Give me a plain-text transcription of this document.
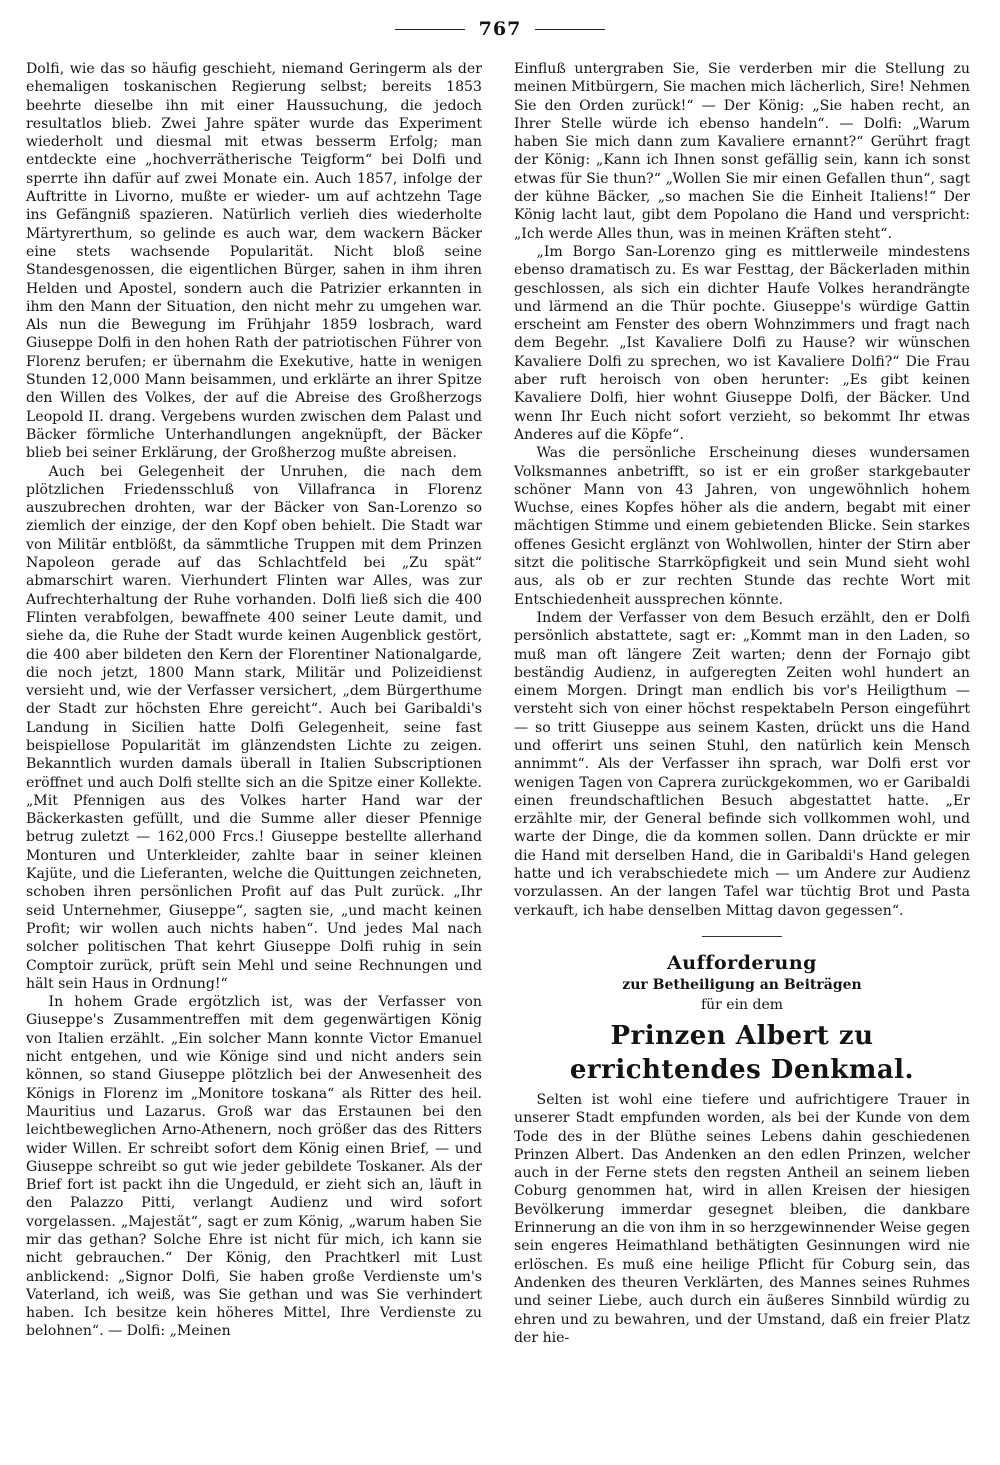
767

Dolfi, wie das so häufig geschieht, niemand Geringerm als der ehemaligen toskanischen Regierung selbst; bereits 1853 beehrte dieselbe ihn mit einer Haussuchung, die jedoch resultatlos blieb. Zwei Jahre später wurde das Experiment wiederholt und diesmal mit etwas besserm Erfolg; man entdeckte eine „hochverrätherische Teigform“ bei Dolfi und sperrte ihn dafür auf zwei Monate ein. Auch 1857, infolge der Auftritte in Livorno, mußte er wieder- um auf achtzehn Tage ins Gefängniß spazieren. Natürlich verlieh dies wiederholte Märtyrerthum, so gelinde es auch war, dem wackern Bäcker eine stets wachsende Popularität. Nicht bloß seine Standesgenossen, die eigentlichen Bürger, sahen in ihm ihren Helden und Apostel, sondern auch die Patrizier erkannten in ihm den Mann der Situation, den nicht mehr zu umgehen war. Als nun die Bewegung im Frühjahr 1859 losbrach, ward Giuseppe Dolfi in den hohen Rath der patriotischen Führer von Florenz berufen; er übernahm die Exekutive, hatte in wenigen Stunden 12,000 Mann beisammen, und erklärte an ihrer Spitze den Willen des Volkes, der auf die Abreise des Großherzogs Leopold II. drang. Vergebens wurden zwischen dem Palast und Bäcker förmliche Unterhandlungen angeknüpft, der Bäcker blieb bei seiner Erklärung, der Großherzog mußte abreisen.

Auch bei Gelegenheit der Unruhen, die nach dem plötzlichen Friedensschluß von Villafranca in Florenz auszubrechen drohten, war der Bäcker von San-Lorenzo so ziemlich der einzige, der den Kopf oben behielt. Die Stadt war von Militär entblößt, da sämmtliche Truppen mit dem Prinzen Napoleon gerade auf das Schlachtfeld bei „Zu spät“ abmarschirt waren. Vierhundert Flinten war Alles, was zur Aufrechterhaltung der Ruhe vorhanden. Dolfi ließ sich die 400 Flinten verabfolgen, bewaffnete 400 seiner Leute damit, und siehe da, die Ruhe der Stadt wurde keinen Augenblick gestört, die 400 aber bildeten den Kern der Florentiner Nationalgarde, die noch jetzt, 1800 Mann stark, Militär und Polizeidienst versieht und, wie der Verfasser versichert, „dem Bürgerthume der Stadt zur höchsten Ehre gereicht“. Auch bei Garibaldi's Landung in Sicilien hatte Dolfi Gelegenheit, seine fast beispiellose Popularität im glänzendsten Lichte zu zeigen. Bekanntlich wurden damals überall in Italien Subscriptionen eröffnet und auch Dolfi stellte sich an die Spitze einer Kollekte. „Mit Pfennigen aus des Volkes harter Hand war der Bäckerkasten gefüllt, und die Summe aller dieser Pfennige betrug zuletzt — 162,000 Frcs.! Giuseppe bestellte allerhand Monturen und Unterkleider, zahlte baar in seiner kleinen Kajüte, und die Lieferanten, welche die Quittungen zeichneten, schoben ihren persönlichen Profit auf das Pult zurück. „Ihr seid Unternehmer, Giuseppe“, sagten sie, „und macht keinen Profit; wir wollen auch nichts haben“. Und jedes Mal nach solcher politischen That kehrt Giuseppe Dolfi ruhig in sein Comptoir zurück, prüft sein Mehl und seine Rechnungen und hält sein Haus in Ordnung!“

In hohem Grade ergötzlich ist, was der Verfasser von Giuseppe's Zusammentreffen mit dem gegenwärtigen König von Italien erzählt. „Ein solcher Mann konnte Victor Emanuel nicht entgehen, und wie Könige sind und nicht anders sein können, so stand Giuseppe plötzlich bei der Anwesenheit des Königs in Florenz im „Monitore toskana“ als Ritter des heil. Mauritius und Lazarus. Groß war das Erstaunen bei den leichtbeweglichen Arno-Athenern, noch größer das des Ritters wider Willen. Er schreibt sofort dem König einen Brief, — und Giuseppe schreibt so gut wie jeder gebildete Toskaner. Als der Brief fort ist packt ihn die Ungeduld, er zieht sich an, läuft in den Palazzo Pitti, verlangt Audienz und wird sofort vorgelassen. „Majestät“, sagt er zum König, „warum haben Sie mir das gethan? Solche Ehre ist nicht für mich, ich kann sie nicht gebrauchen.“ Der König, den Prachtkerl mit Lust anblickend: „Signor Dolfi, Sie haben große Verdienste um's Vaterland, ich weiß, was Sie gethan und was Sie verhindert haben. Ich besitze kein höheres Mittel, Ihre Verdienste zu belohnen“. — Dolfi: „Meinen

Einfluß untergraben Sie, Sie verderben mir die Stellung zu meinen Mitbürgern, Sie machen mich lächerlich, Sire! Nehmen Sie den Orden zurück!“ — Der König: „Sie haben recht, an Ihrer Stelle würde ich ebenso handeln“. — Dolfi: „Warum haben Sie mich dann zum Kavaliere ernannt?“ Gerührt fragt der König: „Kann ich Ihnen sonst gefällig sein, kann ich sonst etwas für Sie thun?“ „Wollen Sie mir einen Gefallen thun“, sagt der kühne Bäcker, „so machen Sie die Einheit Italiens!“ Der König lacht laut, gibt dem Popolano die Hand und verspricht: „Ich werde Alles thun, was in meinen Kräften steht“.

„Im Borgo San-Lorenzo ging es mittlerweile mindestens ebenso dramatisch zu. Es war Festtag, der Bäckerladen mithin geschlossen, als sich ein dichter Haufe Volkes herandrängte und lärmend an die Thür pochte. Giuseppe's würdige Gattin erscheint am Fenster des obern Wohnzimmers und fragt nach dem Begehr. „Ist Kavaliere Dolfi zu Hause? wir wünschen Kavaliere Dolfi zu sprechen, wo ist Kavaliere Dolfi?“ Die Frau aber ruft heroisch von oben herunter: „Es gibt keinen Kavaliere Dolfi, hier wohnt Giuseppe Dolfi, der Bäcker. Und wenn Ihr Euch nicht sofort verzieht, so bekommt Ihr etwas Anderes auf die Köpfe“.

Was die persönliche Erscheinung dieses wundersamen Volksmannes anbetrifft, so ist er ein großer starkgebauter schöner Mann von 43 Jahren, von ungewöhnlich hohem Wuchse, eines Kopfes höher als die andern, begabt mit einer mächtigen Stimme und einem gebietenden Blicke. Sein starkes offenes Gesicht erglänzt von Wohlwollen, hinter der Stirn aber sitzt die politische Starrköpfigkeit und sein Mund sieht wohl aus, als ob er zur rechten Stunde das rechte Wort mit Entschiedenheit aussprechen könnte.

Indem der Verfasser von dem Besuch erzählt, den er Dolfi persönlich abstattete, sagt er: „Kommt man in den Laden, so muß man oft längere Zeit warten; denn der Fornajo gibt beständig Audienz, in aufgeregten Zeiten wohl hundert an einem Morgen. Dringt man endlich bis vor's Heiligthum — versteht sich von einer höchst respektabeln Person eingeführt — so tritt Giuseppe aus seinem Kasten, drückt uns die Hand und offerirt uns seinen Stuhl, den natürlich kein Mensch annimmt“. Als der Verfasser ihn sprach, war Dolfi erst vor wenigen Tagen von Caprera zurückgekommen, wo er Garibaldi einen freundschaftlichen Besuch abgestattet hatte. „Er erzählte mir, der General befinde sich vollkommen wohl, und warte der Dinge, die da kommen sollen. Dann drückte er mir die Hand mit derselben Hand, die in Garibaldi's Hand gelegen hatte und ich verabschiedete mich — um Andere zur Audienz vorzulassen. An der langen Tafel war tüchtig Brot und Pasta verkauft, ich habe denselben Mittag davon gegessen“.

Aufforderung
zur Betheiligung an Beiträgen
für ein dem
Prinzen Albert zu errichtendes Denkmal.

Selten ist wohl eine tiefere und aufrichtigere Trauer in unserer Stadt empfunden worden, als bei der Kunde von dem Tode des in der Blüthe seines Lebens dahin geschiedenen Prinzen Albert. Das Andenken an den edlen Prinzen, welcher auch in der Ferne stets den regsten Antheil an seinem lieben Coburg genommen hat, wird in allen Kreisen der hiesigen Bevölkerung immerdar gesegnet bleiben, die dankbare Erinnerung an die von ihm in so herzgewinnender Weise gegen sein engeres Heimathland bethätigten Gesinnungen wird nie erlöschen. Es muß eine heilige Pflicht für Coburg sein, das Andenken des theuren Verklärten, des Mannes seines Ruhmes und seiner Liebe, auch durch ein äußeres Sinnbild würdig zu ehren und zu bewahren, und der Umstand, daß ein freier Platz der hie-
